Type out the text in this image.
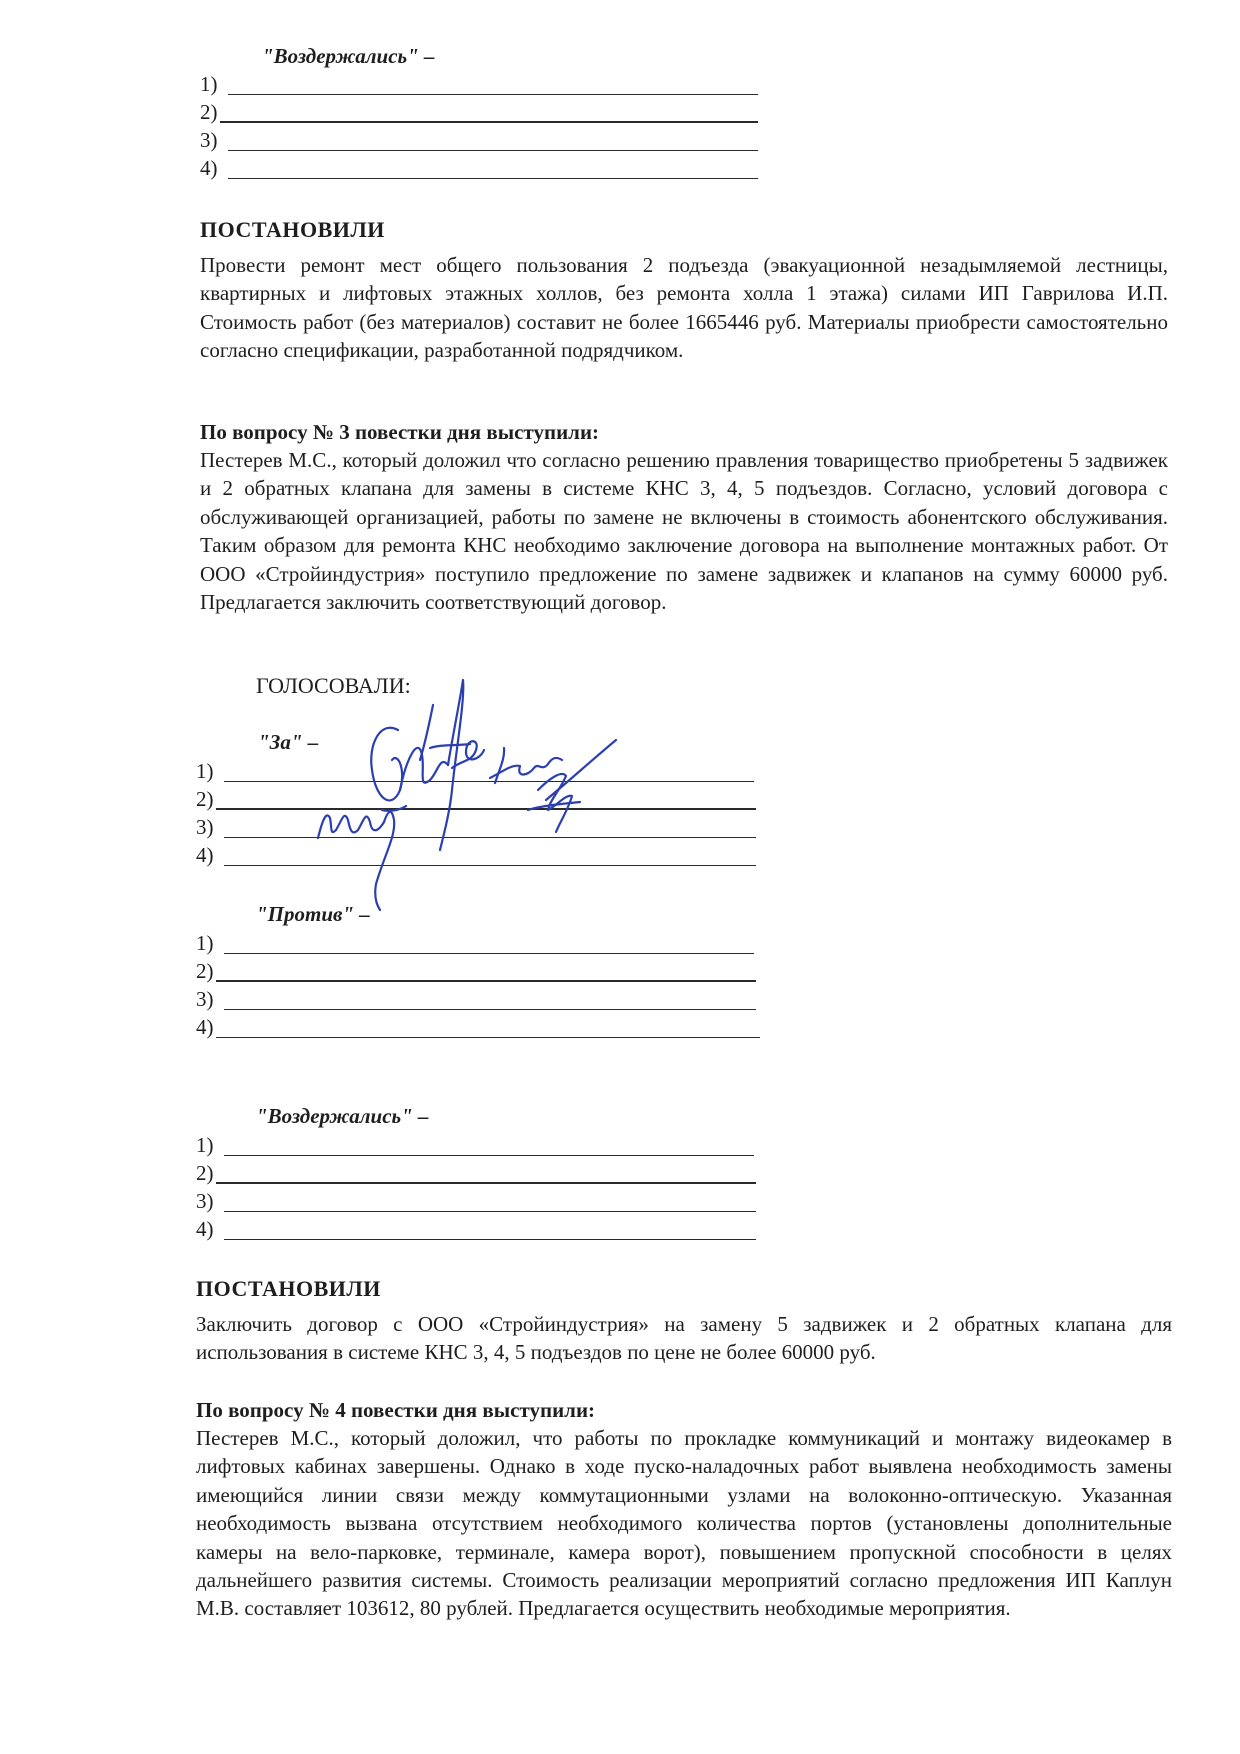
"Воздержались" –
1)
2)
3)
4)
ПОСТАНОВИЛИ

Провести ремонт мест общего пользования 2 подъезда (эвакуационной незадымляемой лестницы, квартирных и лифтовых этажных холлов, без ремонта холла 1 этажа) силами ИП Гаврилова И.П. Стоимость работ (без материалов) составит не более 1665446 руб. Материалы приобрести самостоятельно согласно спецификации, разработанной подрядчиком.

По вопросу № 3 повестки дня выступили:

Пестерев М.С., который доложил что согласно решению правления товарищество приобретены 5 задвижек и 2 обратных клапана для замены в системе КНС 3, 4, 5 подъездов. Согласно, условий договора с обслуживающей организацией, работы по замене не включены в стоимость абонентского обслуживания. Таким образом для ремонта КНС необходимо заключение договора на выполнение монтажных работ. От ООО «Стройиндустрия» поступило предложение по замене задвижек и клапанов на сумму 60000 руб. Предлагается заключить соответствующий договор.

ГОЛОСОВАЛИ:
"За" –
1)
2)
3)
4)
"Против" –
1)
2)
3)
4)
"Воздержались" –
1)
2)
3)
4)
ПОСТАНОВИЛИ

Заключить договор с ООО «Стройиндустрия» на замену 5 задвижек и 2 обратных клапана для использования в системе КНС 3, 4, 5 подъездов по цене не более 60000 руб.

По вопросу № 4 повестки дня выступили:

Пестерев М.С., который доложил, что работы по прокладке коммуникаций и монтажу видеокамер в лифтовых кабинах завершены. Однако в ходе пуско-наладочных работ выявлена необходимость замены имеющийся линии связи между коммутационными узлами на волоконно-оптическую. Указанная необходимость вызвана отсутствием необходимого количества портов (установлены дополнительные камеры на вело-парковке, терминале, камера ворот), повышением пропускной способности в целях дальнейшего развития системы. Стоимость реализации мероприятий согласно предложения ИП Каплун М.В. составляет 103612, 80 рублей. Предлагается осуществить необходимые мероприятия.
